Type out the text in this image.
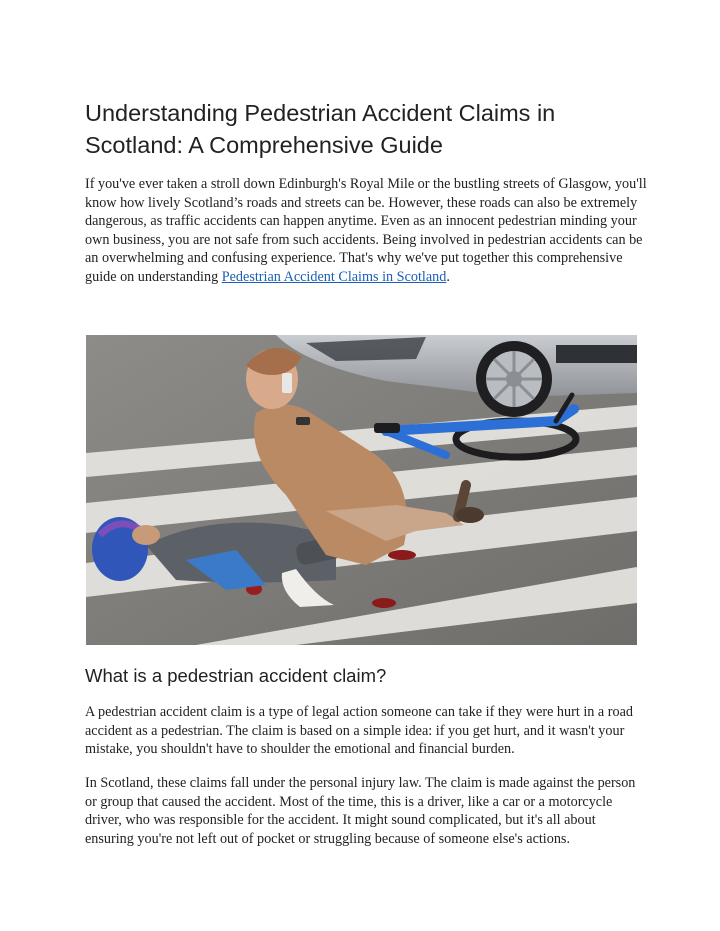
Understanding Pedestrian Accident Claims in Scotland: A Comprehensive Guide

If you've ever taken a stroll down Edinburgh's Royal Mile or the bustling streets of Glasgow, you'll know how lively Scotland’s roads and streets can be. However, these roads can also be extremely dangerous, as traffic accidents can happen anytime. Even as an innocent pedestrian minding your own business, you are not safe from such accidents. Being involved in pedestrian accidents can be an overwhelming and confusing experience. That's why we've put together this comprehensive guide on understanding Pedestrian Accident Claims in Scotland.

What is a pedestrian accident claim?

A pedestrian accident claim is a type of legal action someone can take if they were hurt in a road accident as a pedestrian. The claim is based on a simple idea: if you get hurt, and it wasn't your mistake, you shouldn't have to shoulder the emotional and financial burden.

In Scotland, these claims fall under the personal injury law. The claim is made against the person or group that caused the accident. Most of the time, this is a driver, like a car or a motorcycle driver, who was responsible for the accident. It might sound complicated, but it's all about ensuring you're not left out of pocket or struggling because of someone else's actions.
